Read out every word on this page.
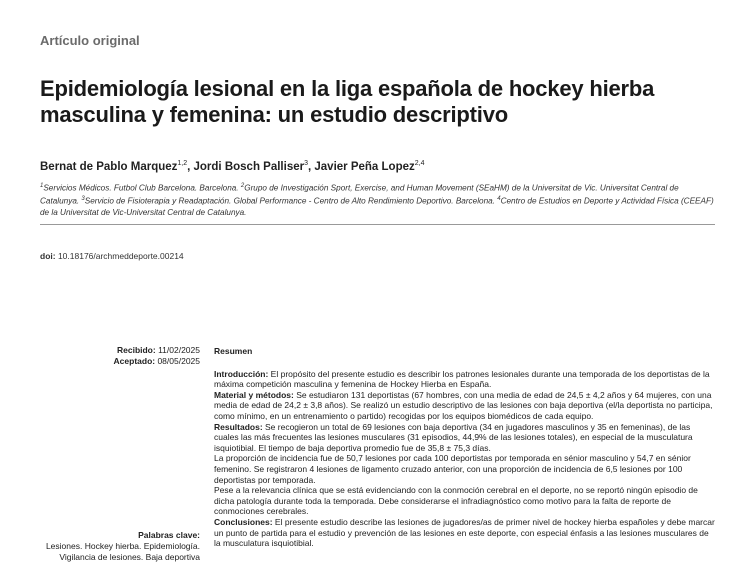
Artículo original
Epidemiología lesional en la liga española de hockey hierba masculina y femenina: un estudio descriptivo
Bernat de Pablo Marquez$^{1,2}$, Jordi Bosch Palliser$^3$, Javier Peña Lopez$^{2,4}$
$^1$Servicios Médicos. Futbol Club Barcelona. Barcelona. $^2$Grupo de Investigación Sport, Exercise, and Human Movement (SEaHM) de la Universitat de Vic. Universitat Central de Catalunya. $^3$Servicio de Fisioterapia y Readaptación. Global Performance - Centro de Alto Rendimiento Deportivo. Barcelona. $^4$Centro de Estudios en Deporte y Actividad Física (CEEAF) de la Universitat de Vic-Universitat Central de Catalunya.
doi: 10.18176/archmeddeporte.00214
Recibido: 11/02/2025
Aceptado: 08/05/2025
Palabras clave:
Lesiones. Hockey hierba. Epidemiología. Vigilancia de lesiones. Baja deportiva
Resumen

Introducción: El propósito del presente estudio es describir los patrones lesionales durante una temporada de los deportistas de la máxima competición masculina y femenina de Hockey Hierba en España.

Material y métodos: Se estudiaron 131 deportistas (67 hombres, con una media de edad de 24,5 ± 4,2 años y 64 mujeres, con una media de edad de 24,2 ± 3,8 años). Se realizó un estudio descriptivo de las lesiones con baja deportiva (el/la deportista no participa, como mínimo, en un entrenamiento o partido) recogidas por los equipos biomédicos de cada equipo.

Resultados: Se recogieron un total de 69 lesiones con baja deportiva (34 en jugadores masculinos y 35 en femeninas), de las cuales las más frecuentes las lesiones musculares (31 episodios, 44,9% de las lesiones totales), en especial de la musculatura isquiotibial. El tiempo de baja deportiva promedio fue de 35,8 ± 75,3 días.

La proporción de incidencia fue de 50,7 lesiones por cada 100 deportistas por temporada en sénior masculino y 54,7 en sénior femenino. Se registraron 4 lesiones de ligamento cruzado anterior, con una proporción de incidencia de 6,5 lesiones por 100 deportistas por temporada.

Pese a la relevancia clínica que se está evidenciando con la conmoción cerebral en el deporte, no se reportó ningún episodio de dicha patología durante toda la temporada. Debe considerarse el infradiagnóstico como motivo para la falta de reporte de conmociones cerebrales.

Conclusiones: El presente estudio describe las lesiones de jugadores/as de primer nivel de hockey hierba españoles y debe marcar un punto de partida para el estudio y prevención de las lesiones en este deporte, con especial énfasis a las lesiones musculares de la musculatura isquiotibial.
